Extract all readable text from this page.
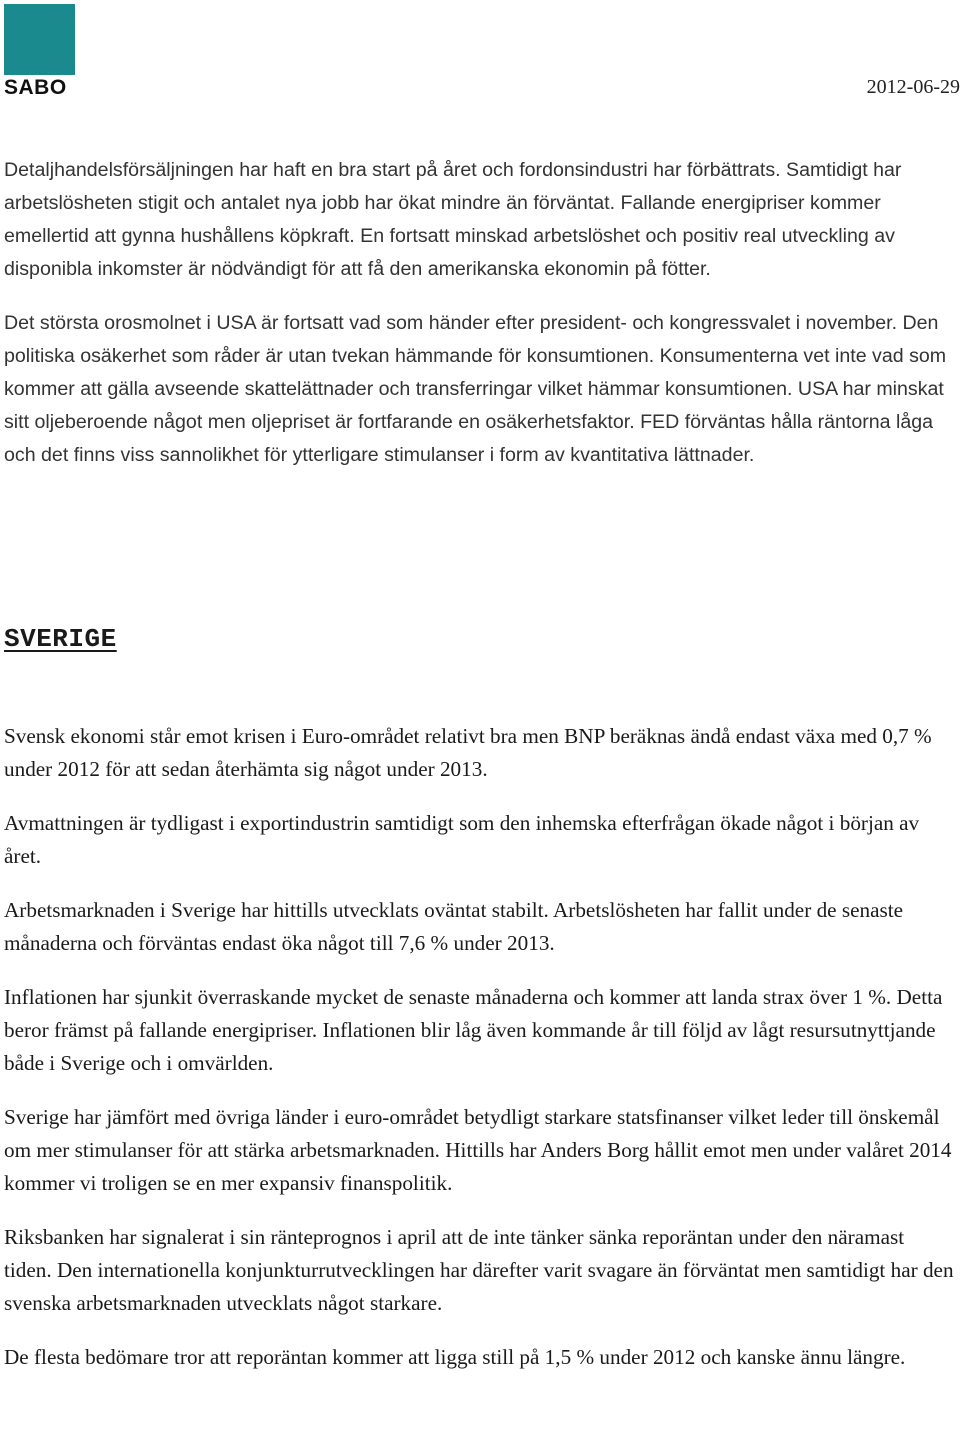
SABO	2012-06-29

Detaljhandelsförsäljningen har haft en bra start på året och fordonsindustri har förbättrats. Samtidigt har arbetslösheten stigit och antalet nya jobb har ökat mindre än förväntat. Fallande energipriser kommer emellertid att gynna hushållens köpkraft. En fortsatt minskad arbetslöshet och positiv real utveckling av disponibla inkomster är nödvändigt för att få den amerikanska ekonomin på fötter.

Det största orosmolnet i USA är fortsatt vad som händer efter president- och kongressvalet i november. Den politiska osäkerhet som råder är utan tvekan hämmande för konsumtionen. Konsumenterna vet inte vad som kommer att gälla avseende skattelättnader och transferringar vilket hämmar konsumtionen. USA har minskat sitt oljeberoende något men oljepriset är fortfarande en osäkerhetsfaktor. FED förväntas hålla räntorna låga och det finns viss sannolikhet för ytterligare stimulanser i form av kvantitativa lättnader.

SVERIGE

Svensk ekonomi står emot krisen i Euro-området relativt bra men BNP beräknas ändå endast växa med 0,7 % under 2012 för att sedan återhämta sig något under 2013.

Avmattningen är tydligast i exportindustrin samtidigt som den inhemska efterfrågan ökade något i början av året.

Arbetsmarknaden i Sverige har hittills utvecklats oväntat stabilt. Arbetslösheten har fallit under de senaste månaderna och förväntas endast öka något till 7,6 % under 2013.

Inflationen har sjunkit överraskande mycket de senaste månaderna och kommer att landa strax över 1 %. Detta beror främst på fallande energipriser. Inflationen blir låg även kommande år till följd av lågt resursutnyttjande både i Sverige och i omvärlden.

Sverige har jämfört med övriga länder i euro-området betydligt starkare statsfinanser vilket leder till önskemål om mer stimulanser för att stärka arbetsmarknaden. Hittills har Anders Borg hållit emot men under valåret 2014 kommer vi troligen se en mer expansiv finanspolitik.

Riksbanken har signalerat i sin ränteprognos i april att de inte tänker sänka reporäntan under den näramast tiden. Den internationella konjunkturrutvecklingen har därefter varit svagare än förväntat men samtidigt har den svenska arbetsmarknaden utvecklats något starkare.

De flesta bedömare tror att reporäntan kommer att ligga still på 1,5 % under 2012 och kanske ännu längre.
